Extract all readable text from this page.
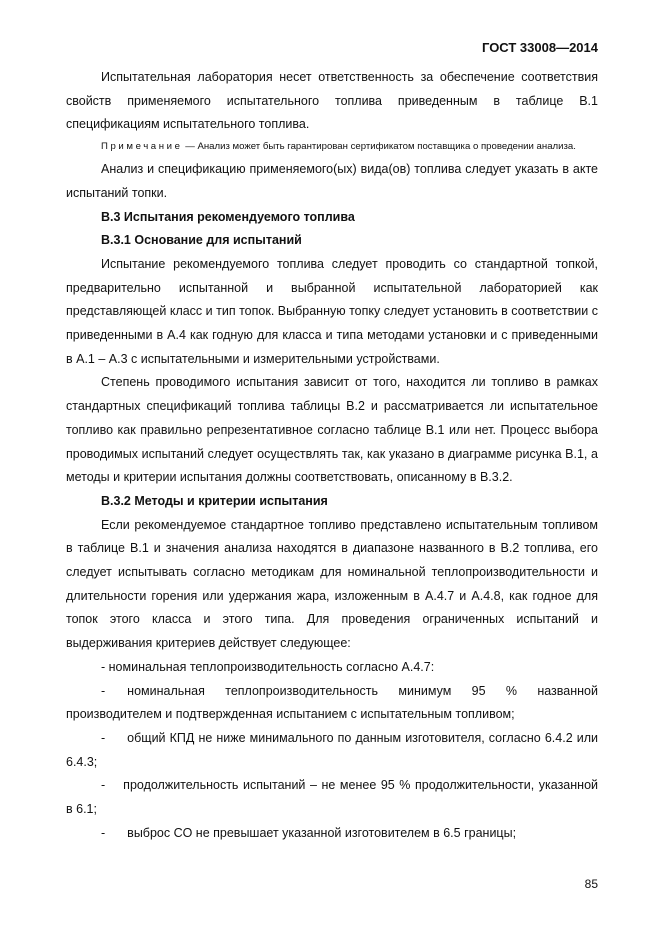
ГОСТ 33008—2014

Испытательная лаборатория несет ответственность за обеспечение соответствия свойств применяемого испытательного топлива приведенным в таблице В.1 спецификациям испытательного топлива.

Примечание — Анализ может быть гарантирован сертификатом поставщика о проведении анализа.

Анализ и спецификацию применяемого(ых) вида(ов) топлива следует указать в акте испытаний топки.

В.3 Испытания рекомендуемого топлива

В.3.1 Основание для испытаний

Испытание рекомендуемого топлива следует проводить со стандартной топкой, предварительно испытанной и выбранной испытательной лабораторией как представляющей класс и тип топок. Выбранную топку следует установить в соответствии с приведенными в А.4 как годную для класса и типа методами установки и с приведенными в А.1 – А.3 с испытательными и измерительными устройствами.

Степень проводимого испытания зависит от того, находится ли топливо в рамках стандартных спецификаций топлива таблицы В.2 и рассматривается ли испытательное топливо как правильно репрезентативное согласно таблице В.1 или нет. Процесс выбора проводимых испытаний следует осуществлять так, как указано в диаграмме рисунка В.1, а методы и критерии испытания должны соответствовать, описанному в В.3.2.

В.3.2 Методы и критерии испытания

Если рекомендуемое стандартное топливо представлено испытательным топливом в таблице В.1 и значения анализа находятся в диапазоне названного в В.2 топлива, его следует испытывать согласно методикам для номинальной теплопроизводительности и длительности горения или удержания жара, изложенным в А.4.7 и А.4.8, как годное для топок этого класса и этого типа. Для проведения ограниченных испытаний и выдерживания критериев действует следующее:

- номинальная теплопроизводительность согласно А.4.7:

- номинальная теплопроизводительность минимум 95 % названной производителем и подтвержденная испытанием с испытательным топливом;

- общий КПД не ниже минимального по данным изготовителя, согласно 6.4.2 или 6.4.3;

- продолжительность испытаний – не менее 95 % продолжительности, указанной в 6.1;

- выброс CO не превышает указанной изготовителем в 6.5 границы;

85
